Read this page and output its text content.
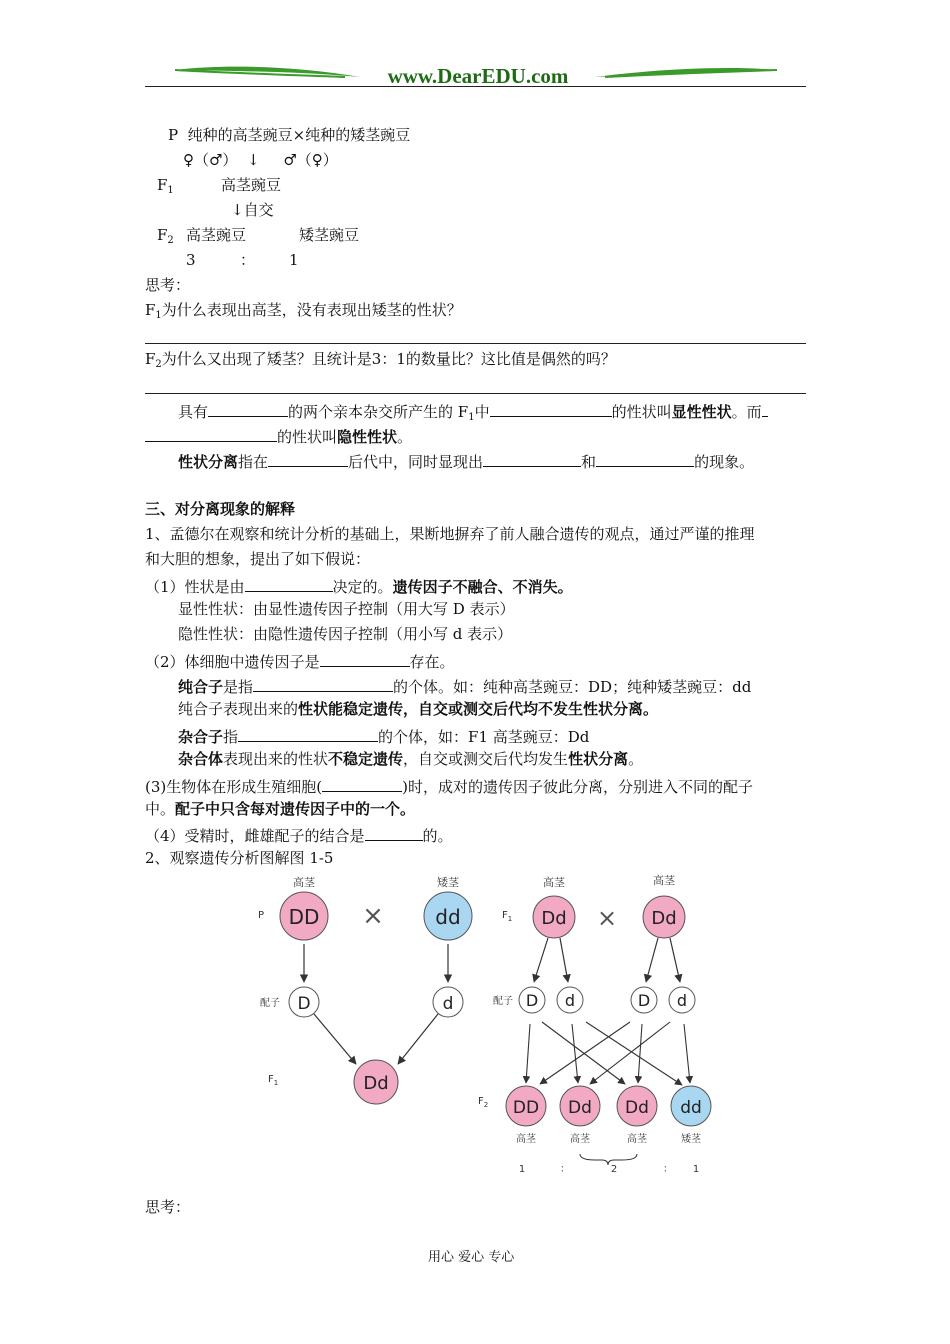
www.DearEDU.com
P 纯种的高茎豌豆×纯种的矮茎豌豆
♀（♂）  ↓     ♂（♀）
$F_1$	高茎豌豆
↓自交
$F_2$ 高茎豌豆	矮茎豌豆
3	： 1
思考：
$F_1$为什么表现出高茎，没有表现出矮茎的性状？
$F_2$为什么又出现了矮茎？且统计是3：1的数量比？这比值是偶然的吗？
具有	的两个亲本杂交所产生的 $F_1$中	的性状叫显性性状。而
的性状叫隐性性状。
性状分离指在	后代中，同时显现出	和	的现象。
三、对分离现象的解释
1、孟德尔在观察和统计分析的基础上，果断地摒弃了前人融合遗传的观点，通过严谨的推理
和大胆的想象，提出了如下假说：
（1）性状是由	决定的。遗传因子不融合、不消失。
显性性状：由显性遗传因子控制（用大写 D 表示）
隐性性状：由隐性遗传因子控制（用小写 d 表示）
（2）体细胞中遗传因子是	存在。
纯合子是指	的个体。如：纯种高茎豌豆：DD；纯种矮茎豌豆：dd
纯合子表现出来的性状能稳定遗传，自交或测交后代均不发生性状分离。
杂合子指	的个体，如：F1 高茎豌豆：Dd
杂合体表现出来的性状不稳定遗传，自交或测交后代均发生性状分离。
(3)生物体在形成生殖细胞(	)时，成对的遗传因子彼此分离，分别进入不同的配子
中。配子中只含每对遗传因子中的一个。
（4）受精时，雌雄配子的结合是	的。
2、观察遗传分析图解图 1-5
P
高茎
DD ×
矮茎
dd
配子 D	d
$F_1$	Dd
$F_1$
高茎
Dd ×
高茎
Dd
配子 D d	D d
$F_2$ DD Dd Dd dd
高茎	高茎	高茎	矮茎
1	：	2	： 1
思考：
用心 爱心 专心
